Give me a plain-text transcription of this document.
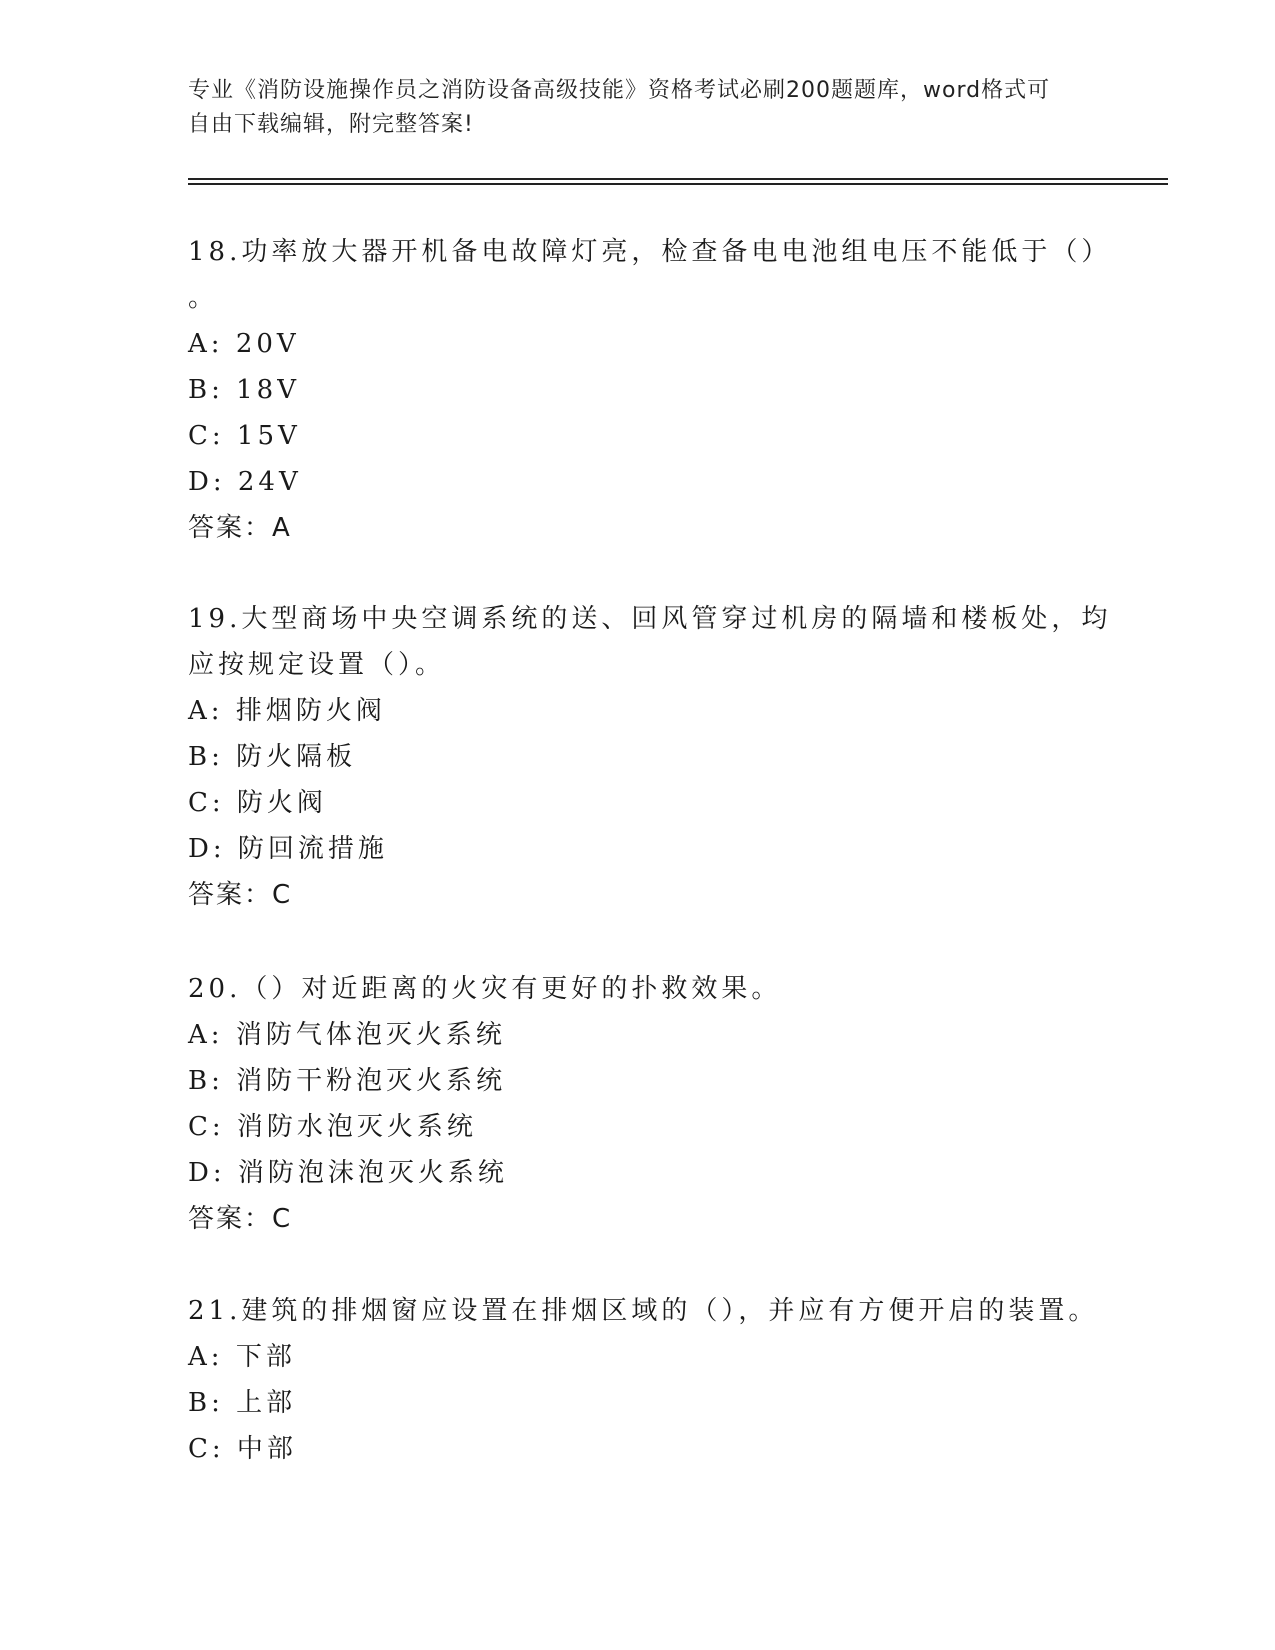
专业《消防设施操作员之消防设备高级技能》资格考试必刷200题题库，word格式可自由下载编辑，附完整答案!
18.功率放大器开机备电故障灯亮，检查备电电池组电压不能低于（）
。
A: 20V
B: 18V
C: 15V
D: 24V
答案：A
19.大型商场中央空调系统的送、回风管穿过机房的隔墙和楼板处，均
应按规定设置（）。
A: 排烟防火阀
B: 防火隔板
C: 防火阀
D: 防回流措施
答案：C
20.（）对近距离的火灾有更好的扑救效果。
A: 消防气体泡灭火系统
B: 消防干粉泡灭火系统
C: 消防水泡灭火系统
D: 消防泡沫泡灭火系统
答案：C
21.建筑的排烟窗应设置在排烟区域的（），并应有方便开启的装置。
A: 下部
B: 上部
C: 中部
